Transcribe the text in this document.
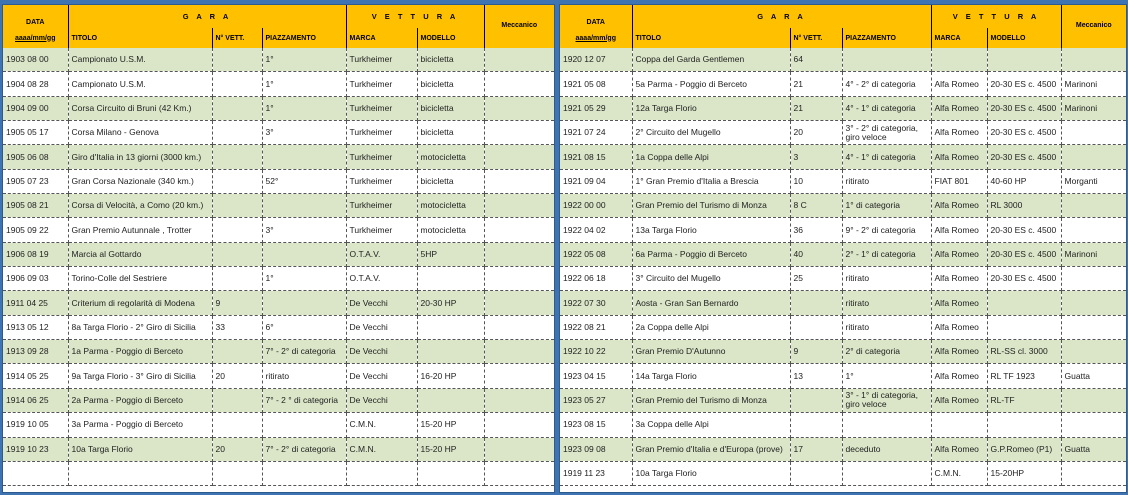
DATA	G A R A			V E T T U R A		Meccanico
aaaa/mm/gg	TITOLO	N° VETT.	PIAZZAMENTO	MARCA	MODELLO	
1903 08 00	Campionato U.S.M.		1°	Turkheimer	bicicletta	
1904 08 28	Campionato U.S.M.		1°	Turkheimer	bicicletta	
1904 09 00	Corsa Circuito di Bruni (42 Km.)		1°	Turkheimer	bicicletta	
1905 05 17	Corsa Milano - Genova		3°	Turkheimer	bicicletta	
1905 06 08	Giro d'Italia in 13 giorni (3000 km.)			Turkheimer	motocicletta	
1905 07 23	Gran Corsa Nazionale (340 km.)		52°	Turkheimer	bicicletta	
1905 08 21	Corsa di Velocità, a Como (20 km.)			Turkheimer	motocicletta	
1905 09 22	Gran Premio Autunnale , Trotter		3°	Turkheimer	motocicletta	
1906 08 19	Marcia al Gottardo			O.T.A.V.	5HP	
1906 09 03	Torino-Colle del Sestriere		1°	O.T.A.V.		
1911 04 25	Criterium di regolarità di Modena	9		De Vecchi	20-30 HP	
1913 05 12	8a Targa Florio - 2° Giro di Sicilia	33	6°	De Vecchi		
1913 09 28	1a Parma - Poggio di Berceto		7° - 2° di categoria	De Vecchi		
1914 05 25	9a Targa Florio - 3° Giro di Sicilia	20	ritirato	De Vecchi	16-20 HP	
1914 06 25	2a Parma - Poggio di Berceto		7° - 2 ° di categoria	De Vecchi		
1919 10 05	3a Parma - Poggio di Berceto			C.M.N.	15-20 HP	
1919 10 23	10a Targa Florio	20	7° - 2° di categoria	C.M.N.	15-20 HP	

DATA	G A R A			V E T T U R A		Meccanico
aaaa/mm/gg	TITOLO	N° VETT.	PIAZZAMENTO	MARCA	MODELLO	
1920 12 07	Coppa del Garda Gentlemen	64				
1921 05 08	5a Parma - Poggio di Berceto	21	4° - 2° di categoria	Alfa Romeo	20-30 ES c. 4500	Marinoni
1921 05 29	12a Targa Florio	21	4° - 1° di categoria	Alfa Romeo	20-30 ES c. 4500	Marinoni
1921 07 24	2° Circuito del Mugello	20	3° - 2° di categoria, giro veloce	Alfa Romeo	20-30 ES c. 4500	
1921 08 15	1a Coppa delle Alpi	3	4° - 1° di categoria	Alfa Romeo	20-30 ES c. 4500	
1921 09 04	1° Gran Premio d'Italia a Brescia	10	ritirato	FIAT 801	40-60 HP	Morganti
1922 00 00	Gran Premio del Turismo di Monza	8 C	1° di categoria	Alfa Romeo	RL 3000	
1922 04 02	13a Targa Florio	36	9° - 2° di categoria	Alfa Romeo	20-30 ES c. 4500	
1922 05 08	6a Parma - Poggio di Berceto	40	2° - 1° di categoria	Alfa Romeo	20-30 ES c. 4500	Marinoni
1922 06 18	3° Circuito del Mugello	25	ritirato	Alfa Romeo	20-30 ES c. 4500	
1922 07 30	Aosta - Gran San Bernardo		ritirato	Alfa Romeo		
1922 08 21	2a Coppa delle Alpi		ritirato	Alfa Romeo		
1922 10 22	Gran Premio D'Autunno	9	2° di categoria	Alfa Romeo	RL-SS cl. 3000	
1923 04 15	14a Targa Florio	13	1°	Alfa Romeo	RL TF 1923	Guatta
1923 05 27	Gran Premio del Turismo di Monza		3° - 1° di categoria, giro veloce	Alfa Romeo	RL-TF	
1923 08 15	3a Coppa delle Alpi					
1923 09 08	Gran Premio d'Italia e d'Europa (prove)	17	deceduto	Alfa Romeo	G.P.Romeo (P1)	Guatta
1919 11 23	10a Targa Florio			C.M.N.	15-20HP	
